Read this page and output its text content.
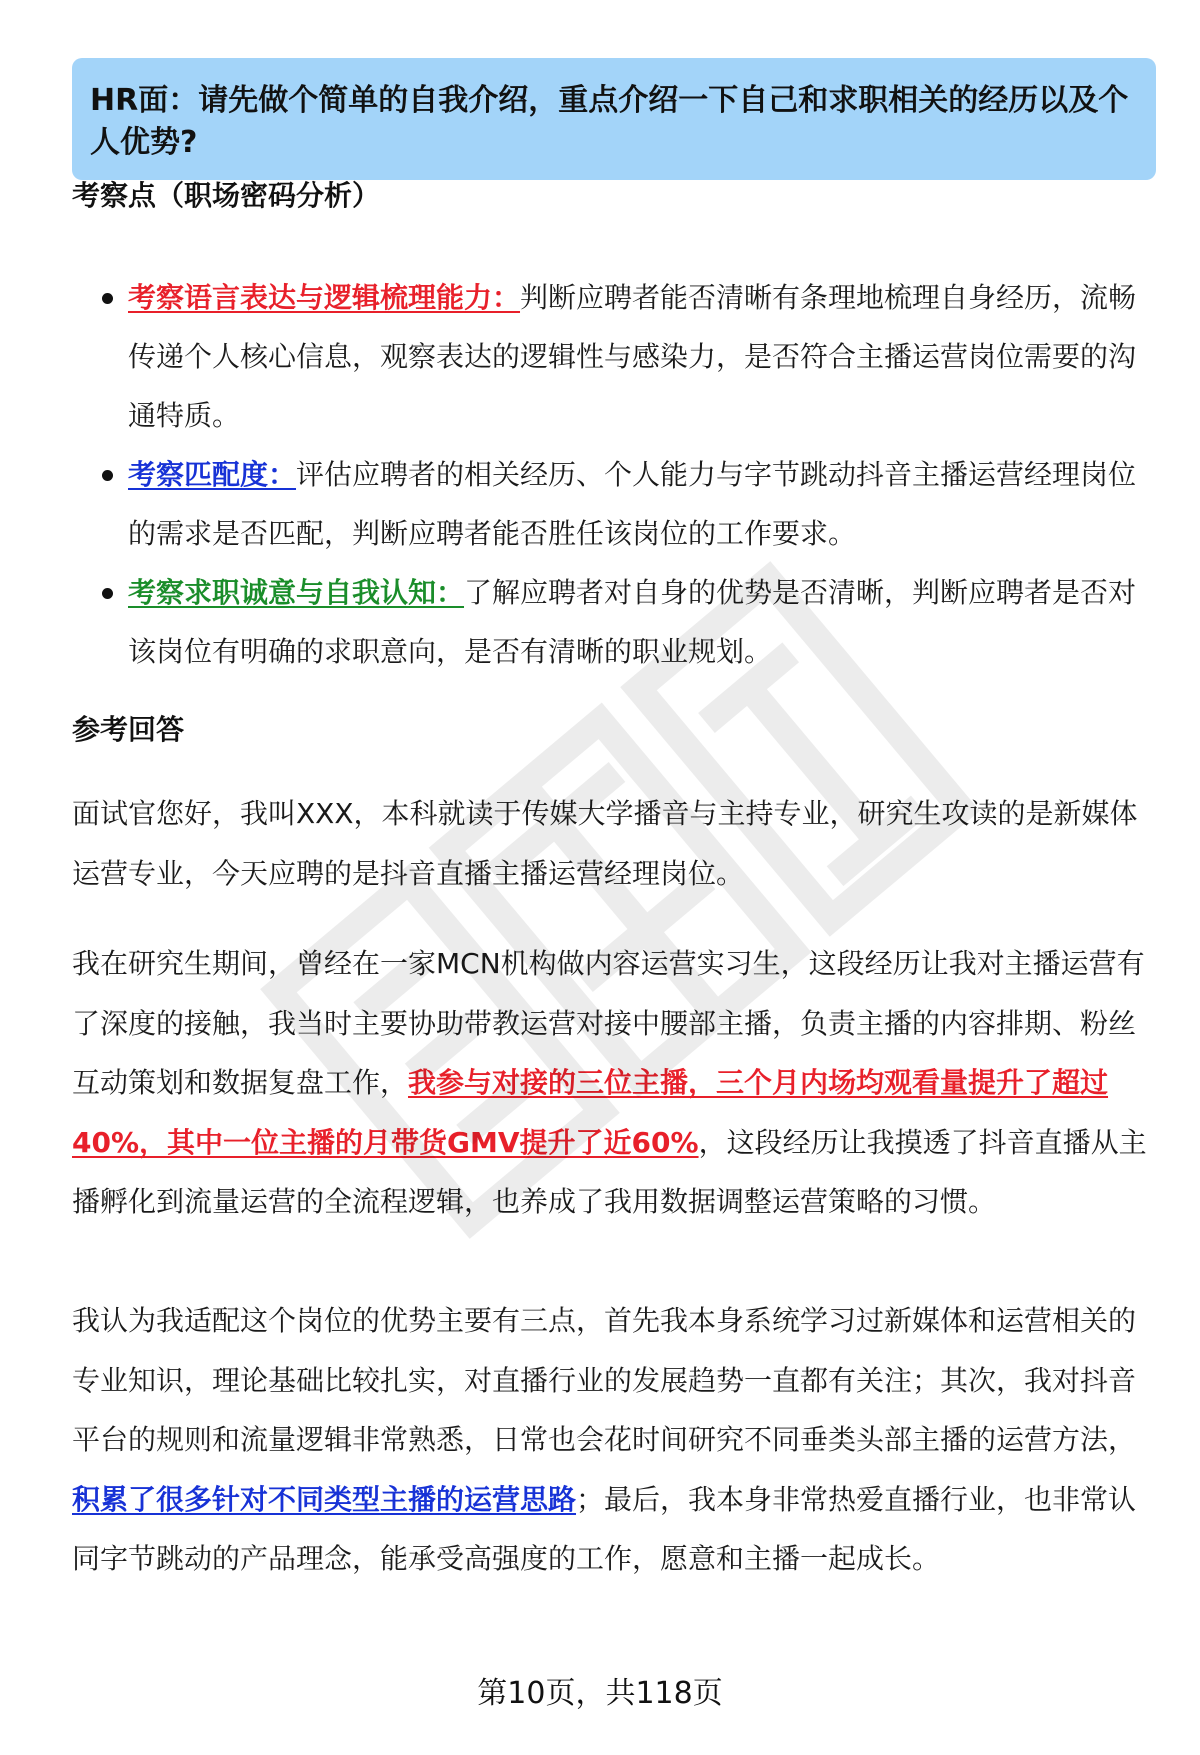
HR面：请先做个简单的自我介绍，重点介绍一下自己和求职相关的经历以及个人优势?
考察点（职场密码分析）
考察语言表达与逻辑梳理能力：判断应聘者能否清晰有条理地梳理自身经历，流畅传递个人核心信息，观察表达的逻辑性与感染力，是否符合主播运营岗位需要的沟通特质。
考察匹配度：评估应聘者的相关经历、个人能力与字节跳动抖音主播运营经理岗位的需求是否匹配，判断应聘者能否胜任该岗位的工作要求。
考察求职诚意与自我认知：了解应聘者对自身的优势是否清晰，判断应聘者是否对该岗位有明确的求职意向，是否有清晰的职业规划。
参考回答

面试官您好，我叫XXX，本科就读于传媒大学播音与主持专业，研究生攻读的是新媒体运营专业，今天应聘的是抖音直播主播运营经理岗位。

我在研究生期间，曾经在一家MCN机构做内容运营实习生，这段经历让我对主播运营有了深度的接触，我当时主要协助带教运营对接中腰部主播，负责主播的内容排期、粉丝互动策划和数据复盘工作，我参与对接的三位主播，三个月内场均观看量提升了超过40%，其中一位主播的月带货GMV提升了近60%，这段经历让我摸透了抖音直播从主播孵化到流量运营的全流程逻辑，也养成了我用数据调整运营策略的习惯。

我认为我适配这个岗位的优势主要有三点，首先我本身系统学习过新媒体和运营相关的专业知识，理论基础比较扎实，对直播行业的发展趋势一直都有关注；其次，我对抖音平台的规则和流量逻辑非常熟悉，日常也会花时间研究不同垂类头部主播的运营方法，积累了很多针对不同类型主播的运营思路；最后，我本身非常热爱直播行业，也非常认同字节跳动的产品理念，能承受高强度的工作，愿意和主播一起成长。

第10页，共118页
